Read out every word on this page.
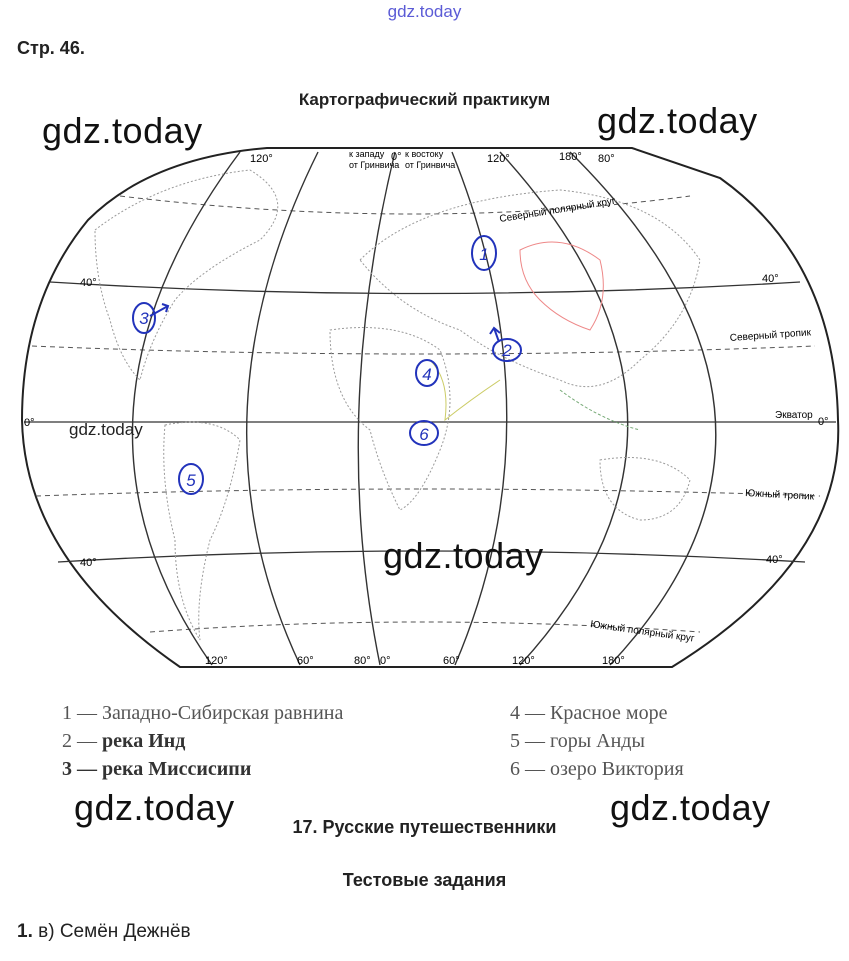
gdz.today
Стр. 46.
Картографический практикум
120°	к западу
от Гринвича
0° к востоку
от Гринвича	120°	180° 80°
120°	60°	80° 0°	60°	120°	180°
40°
0°
40°
40°
0°
40°
Северный полярный круг
Северный тропик
Экватор
Южный тропик
Южный полярный круг
1
2
3
4
5
6
gdz.today	gdz.today
gdz.today
gdz.today
1 — Западно-Сибирская равнина
2 — река Инд
3 — река Миссисипи
4 — Красное море
5 — горы Анды
6 — озеро Виктория
gdz.today	gdz.today
17. Русские путешественники
Тестовые задания
1. в) Семён Дежнёв
